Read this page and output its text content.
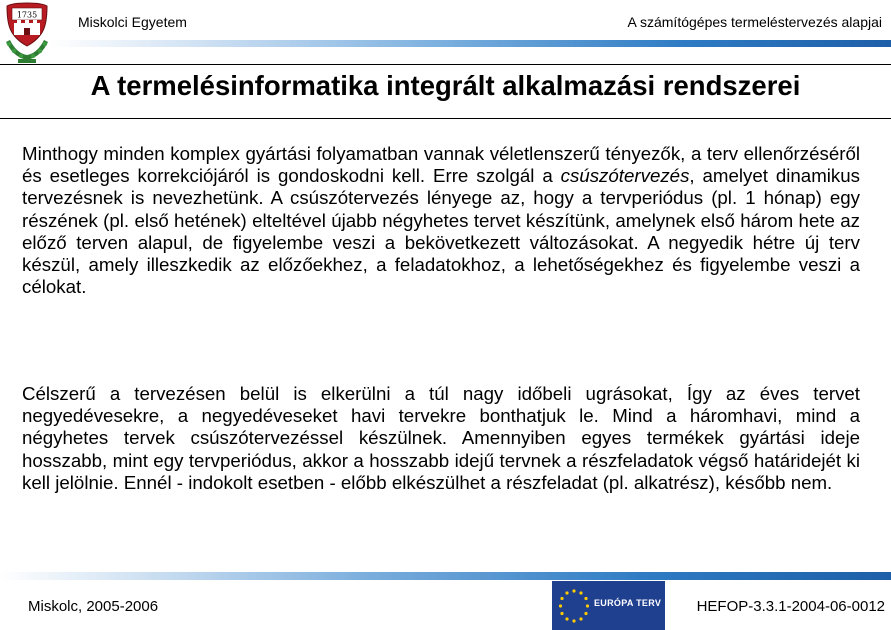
1735	Miskolci Egyetem	A számítógépes termeléstervezés alapjai
A termelésinformatika integrált alkalmazási rendszerei

Minthogy minden komplex gyártási folyamatban vannak véletlenszerű tényezők, a terv ellenőrzéséről és esetleges korrekciójáról is gondoskodni kell. Erre szolgál a csúszótervezés, amelyet dinamikus tervezésnek is nevezhetünk. A csúszótervezés lényege az, hogy a tervperiódus (pl. 1 hónap) egy részének (pl. első hetének) elteltével újabb négyhetes tervet készítünk, amelynek első három hete az előző terven alapul, de figyelembe veszi a bekövetkezett változásokat. A negyedik hétre új terv készül, amely illeszkedik az előzőekhez, a feladatokhoz, a lehetőségekhez és figyelembe veszi a célokat.

Célszerű a tervezésen belül is elkerülni a túl nagy időbeli ugrásokat, Így az éves tervet negyedévesekre, a negyedéveseket havi tervekre bonthatjuk le. Mind a háromhavi, mind a négyhetes tervek csúszótervezéssel készülnek. Amennyiben egyes termékek gyártási ideje hosszabb, mint egy tervperiódus, akkor a hosszabb idejű tervnek a részfeladatok végső határidejét ki kell jelölnie. Ennél - indokolt esetben - előbb elkészülhet a részfeladat (pl. alkatrész), később nem.

Miskolc, 2005-2006	EURÓPA TERV HEFOP-3.3.1-2004-06-0012
